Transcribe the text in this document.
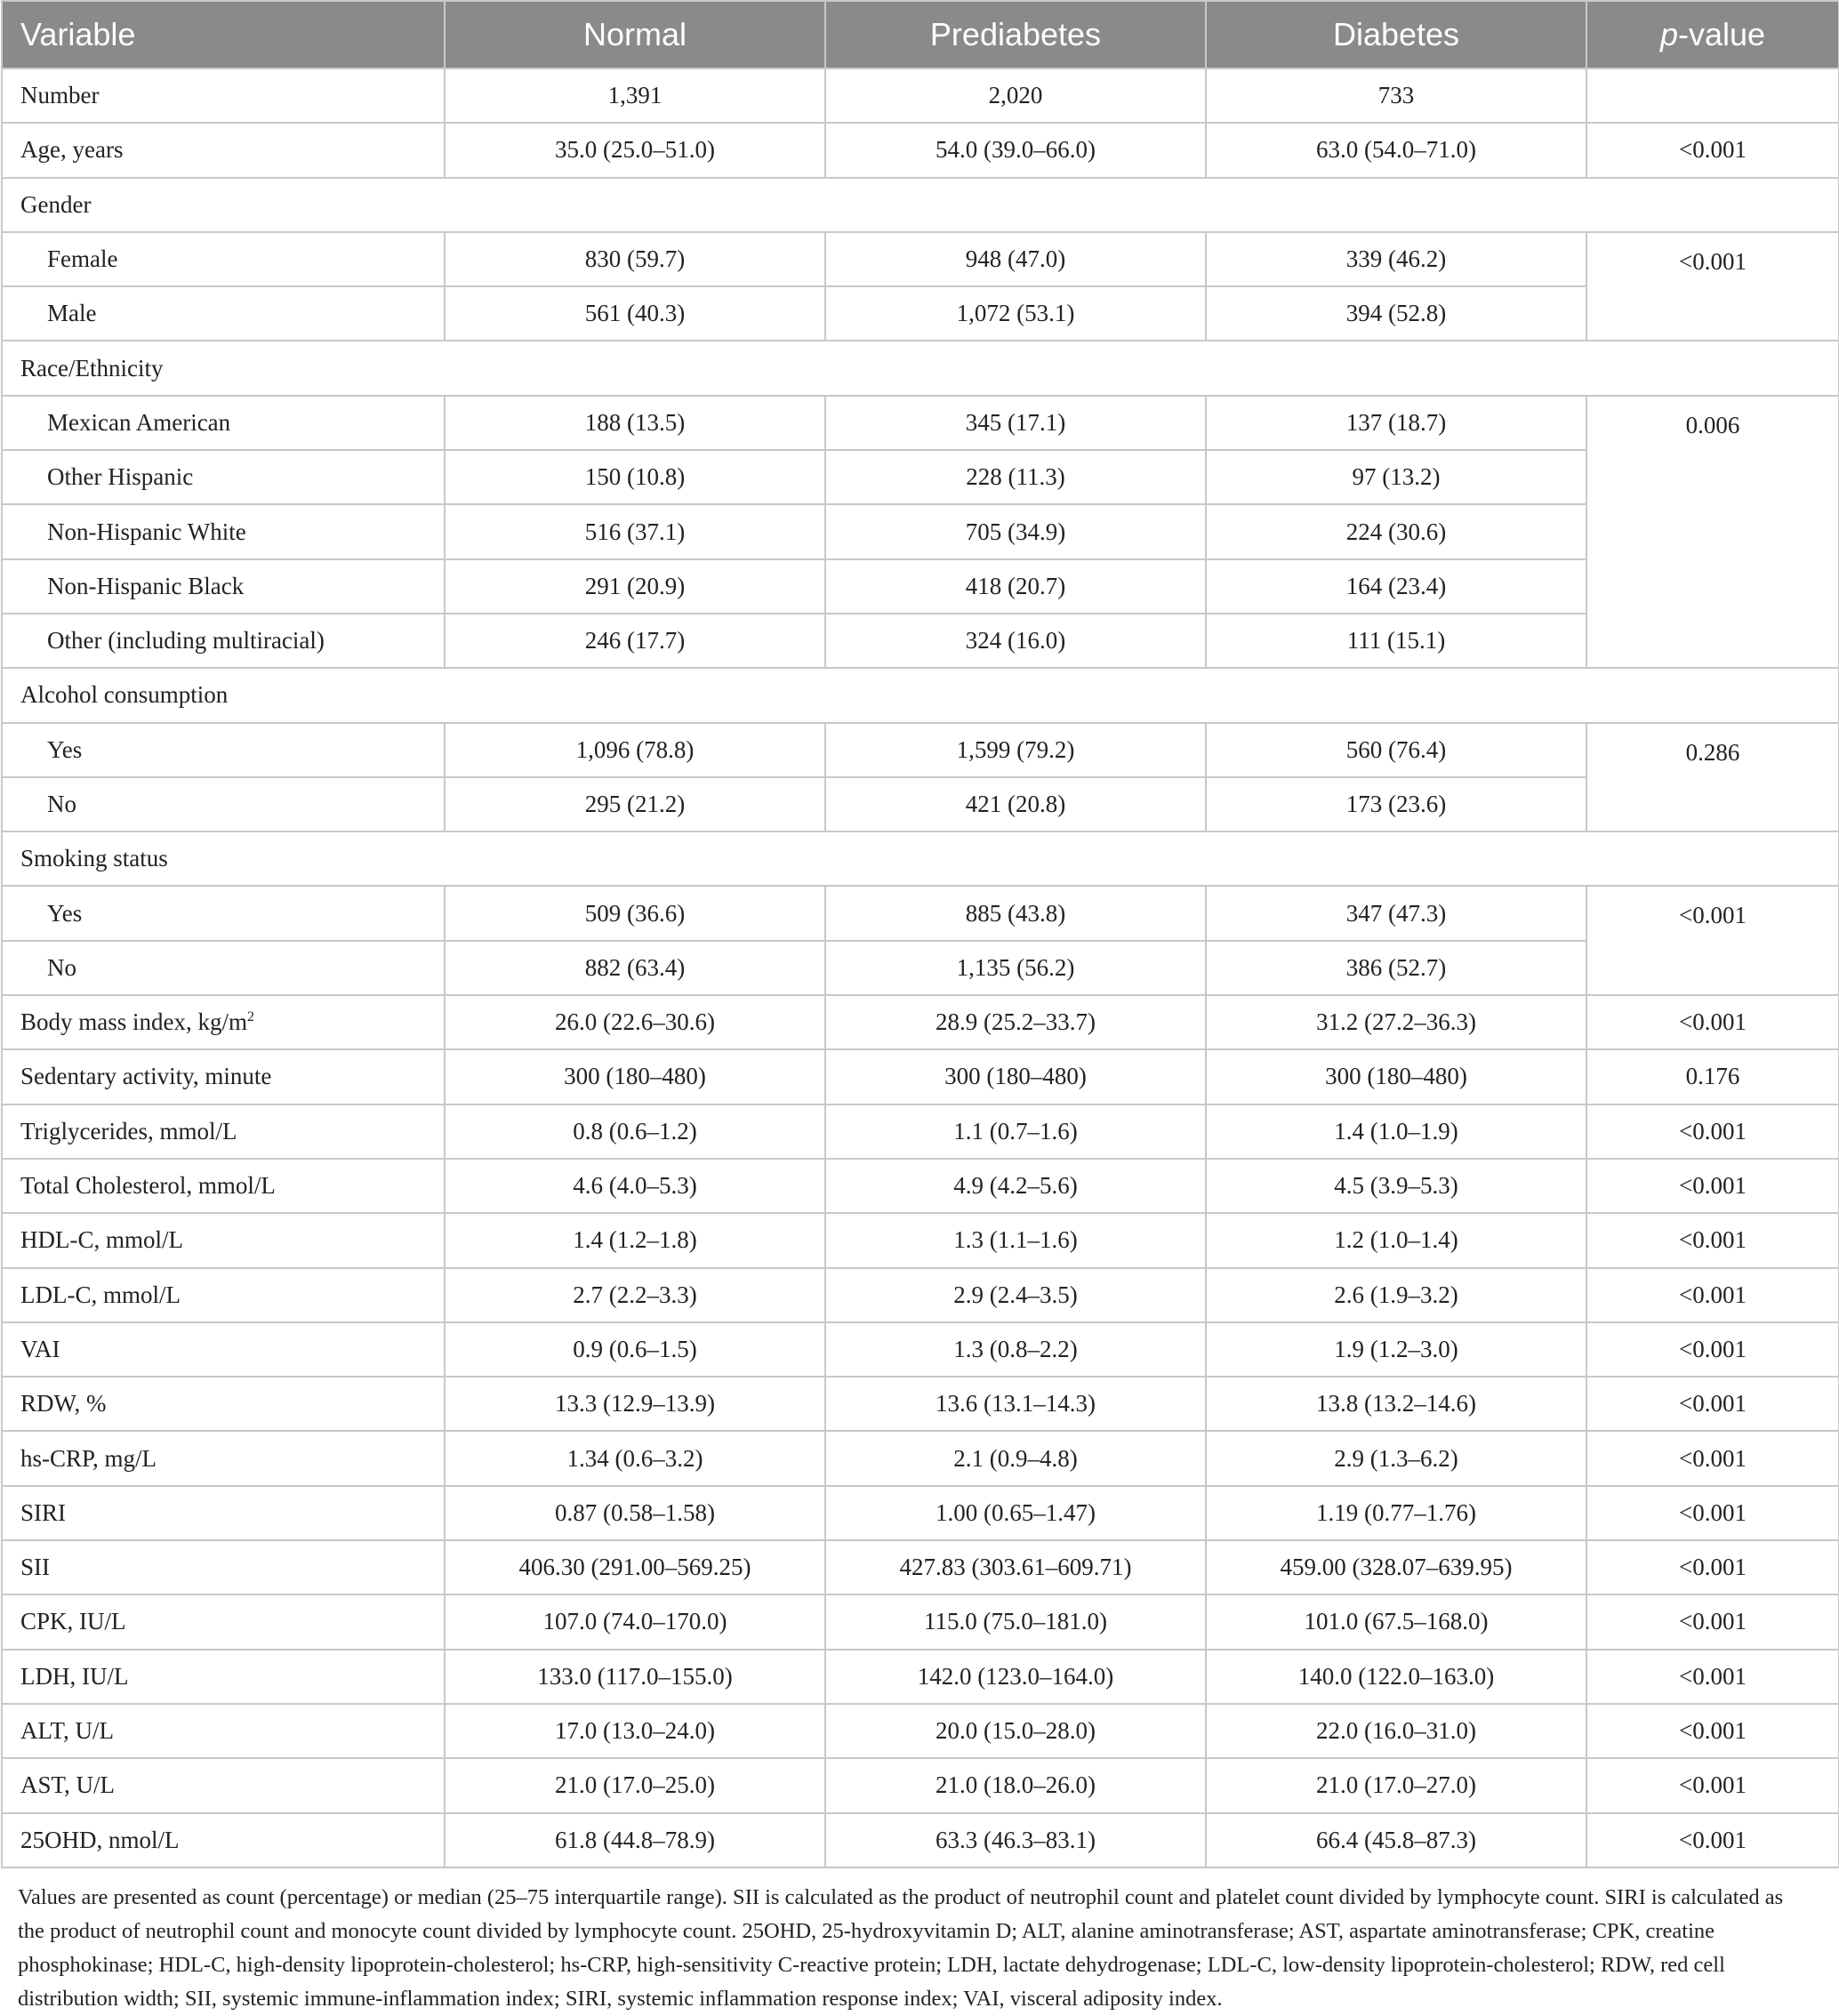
Variable	Normal	Prediabetes	Diabetes	p-value
Number	1,391	2,020	733	
Age, years	35.0 (25.0–51.0)	54.0 (39.0–66.0)	63.0 (54.0–71.0)	<0.001
Gender				
Female	830 (59.7)	948 (47.0)	339 (46.2)	<0.001
Male	561 (40.3)	1,072 (53.1)	394 (52.8)	
Race/Ethnicity				
Mexican American	188 (13.5)	345 (17.1)	137 (18.7)	0.006
Other Hispanic	150 (10.8)	228 (11.3)	97 (13.2)	
Non-Hispanic White	516 (37.1)	705 (34.9)	224 (30.6)	
Non-Hispanic Black	291 (20.9)	418 (20.7)	164 (23.4)	
Other (including multiracial)	246 (17.7)	324 (16.0)	111 (15.1)	
Alcohol consumption				
Yes	1,096 (78.8)	1,599 (79.2)	560 (76.4)	0.286
No	295 (21.2)	421 (20.8)	173 (23.6)	
Smoking status				
Yes	509 (36.6)	885 (43.8)	347 (47.3)	<0.001
No	882 (63.4)	1,135 (56.2)	386 (52.7)	
Body mass index, $kg/m^2$	26.0 (22.6–30.6)	28.9 (25.2–33.7)	31.2 (27.2–36.3)	<0.001
Sedentary activity, minute	300 (180–480)	300 (180–480)	300 (180–480)	0.176
Triglycerides, mmol/L	0.8 (0.6–1.2)	1.1 (0.7–1.6)	1.4 (1.0–1.9)	<0.001
Total Cholesterol, mmol/L	4.6 (4.0–5.3)	4.9 (4.2–5.6)	4.5 (3.9–5.3)	<0.001
HDL-C, mmol/L	1.4 (1.2–1.8)	1.3 (1.1–1.6)	1.2 (1.0–1.4)	<0.001
LDL-C, mmol/L	2.7 (2.2–3.3)	2.9 (2.4–3.5)	2.6 (1.9–3.2)	<0.001
VAI	0.9 (0.6–1.5)	1.3 (0.8–2.2)	1.9 (1.2–3.0)	<0.001
RDW, %	13.3 (12.9–13.9)	13.6 (13.1–14.3)	13.8 (13.2–14.6)	<0.001
hs-CRP, mg/L	1.34 (0.6–3.2)	2.1 (0.9–4.8)	2.9 (1.3–6.2)	<0.001
SIRI	0.87 (0.58–1.58)	1.00 (0.65–1.47)	1.19 (0.77–1.76)	<0.001
SII	406.30 (291.00–569.25)	427.83 (303.61–609.71)	459.00 (328.07–639.95)	<0.001
CPK, IU/L	107.0 (74.0–170.0)	115.0 (75.0–181.0)	101.0 (67.5–168.0)	<0.001
LDH, IU/L	133.0 (117.0–155.0)	142.0 (123.0–164.0)	140.0 (122.0–163.0)	<0.001
ALT, U/L	17.0 (13.0–24.0)	20.0 (15.0–28.0)	22.0 (16.0–31.0)	<0.001
AST, U/L	21.0 (17.0–25.0)	21.0 (18.0–26.0)	21.0 (17.0–27.0)	<0.001
25OHD, nmol/L	61.8 (44.8–78.9)	63.3 (46.3–83.1)	66.4 (45.8–87.3)	<0.001
Values are presented as count (percentage) or median (25–75 interquartile range). SII is calculated as the product of neutrophil count and platelet count divided by lymphocyte count. SIRI is calculated as the product of neutrophil count and monocyte count divided by lymphocyte count. 25OHD, 25-hydroxyvitamin D; ALT, alanine aminotransferase; AST, aspartate aminotransferase; CPK, creatine phosphokinase; HDL-C, high-density lipoprotein-cholesterol; hs-CRP, high-sensitivity C-reactive protein; LDH, lactate dehydrogenase; LDL-C, low-density lipoprotein-cholesterol; RDW, red cell distribution width; SII, systemic immune-inflammation index; SIRI, systemic inflammation response index; VAI, visceral adiposity index.
